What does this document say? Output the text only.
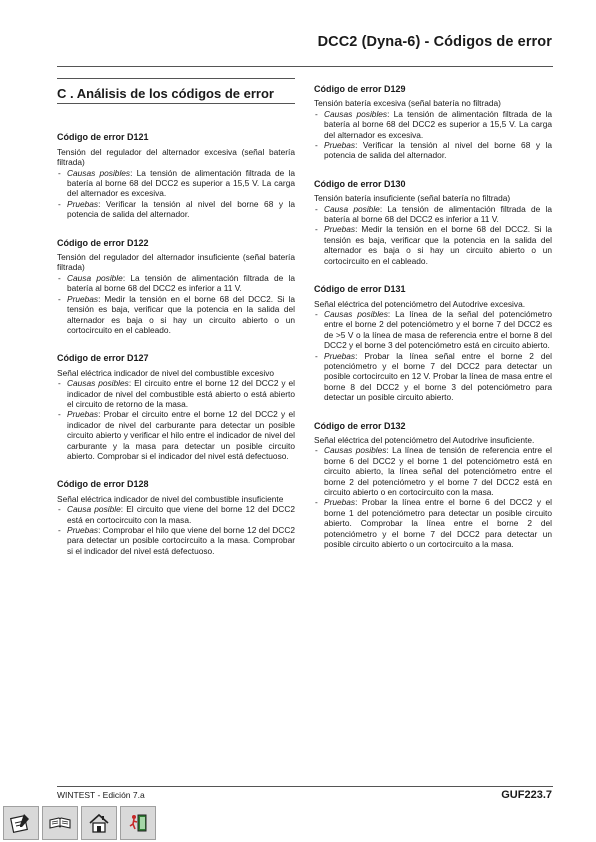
DCC2 (Dyna-6) - Códigos de error
C . Análisis de los códigos de error
Código de error D121
Tensión del regulador del alternador excesiva (señal batería filtrada)
- Causas posibles: La tensión de alimentación filtrada de la batería al borne 68 del DCC2 es superior a 15,5 V. La carga del alternador es excesiva.
- Pruebas: Verificar la tensión al nivel del borne 68 y la potencia de salida del alternador.
Código de error D122
Tensión del regulador del alternador insuficiente (señal batería filtrada)
- Causa posible: La tensión de alimentación filtrada de la batería al borne 68 del DCC2 es inferior a 11 V.
- Pruebas: Medir la tensión en el borne 68 del DCC2. Si la tensión es baja, verificar que la potencia en la salida del alternador es baja o si hay un circuito abierto o un cortocircuito en el cableado.
Código de error D127
Señal eléctrica indicador de nivel del combustible excesivo
- Causas posibles: El circuito entre el borne 12 del DCC2 y el indicador de nivel del combustible está abierto o está abierto el circuito de retorno de la masa.
- Pruebas: Probar el circuito entre el borne 12 del DCC2 y el indicador de nivel del carburante para detectar un posible circuito abierto y verificar el hilo entre el indicador de nivel del carburante y la masa para detectar un posible circuito abierto. Comprobar si el indicador del nivel está defectuoso.
Código de error D128
Señal eléctrica indicador de nivel del combustible insuficiente
- Causa posible: El circuito que viene del borne 12 del DCC2 está en cortocircuito con la masa.
- Pruebas: Comprobar el hilo que viene del borne 12 del DCC2 para detectar un posible cortocircuito a la masa. Comprobar si el indicador del nivel está defectuoso.
Código de error D129
Tensión batería excesiva (señal batería no filtrada)
- Causas posibles: La tensión de alimentación filtrada de la batería al borne 68 del DCC2 es superior a 15,5 V. La carga del alternador es excesiva.
- Pruebas: Verificar la tensión al nivel del borne 68 y la potencia de salida del alternador.
Código de error D130
Tensión batería insuficiente (señal batería no filtrada)
- Causa posible: La tensión de alimentación filtrada de la batería al borne 68 del DCC2 es inferior a 11 V.
- Pruebas: Medir la tensión en el borne 68 del DCC2. Si la tensión es baja, verificar que la potencia en la salida del alternador es baja o si hay un circuito abierto o un cortocircuito en el cableado.
Código de error D131
Señal eléctrica del potenciómetro del Autodrive excesiva.
- Causas posibles: La línea de la señal del potenciómetro entre el borne 2 del potenciómetro y el borne 7 del DCC2 es de >5 V o la línea de masa de referencia entre el borne 8 del DCC2 y el borne 3 del potenciómetro está en circuito abierto.
- Pruebas: Probar la línea señal entre el borne 2 del potenciómetro y el borne 7 del DCC2 para detectar un posible cortocircuito en 12 V. Probar la línea de masa entre el borne 8 del DCC2 y el borne 3 del potenciómetro para detectar un posible circuito abierto.
Código de error D132
Señal eléctrica del potenciómetro del Autodrive insuficiente.
- Causas posibles: La línea de tensión de referencia entre el borne 6 del DCC2 y el borne 1 del potenciómetro está en circuito abierto, la línea señal del potenciómetro entre el borne 2 del potenciómetro y el borne 7 del DCC2 está en circuito abierto o en cortocircuito con la masa.
- Pruebas: Probar la línea entre el borne 6 del DCC2 y el borne 1 del potenciómetro para detectar un posible circuito abierto. Comprobar la línea entre el borne 2 del potenciómetro y el borne 7 del DCC2 para detectar un posible circuito abierto o un cortocircuito a la masa.
WINTEST - Edición 7.a	GUF223.7
